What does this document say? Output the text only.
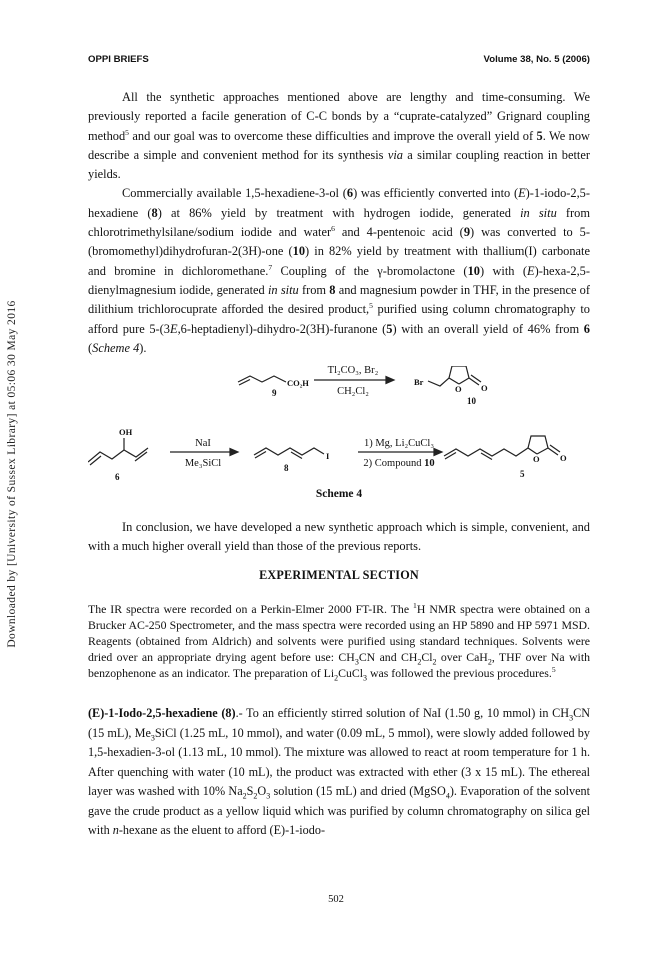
Downloaded by [University of Sussex Library] at 05:06 30 May 2016
OPPI BRIEFS	Volume 38, No. 5 (2006)

All the synthetic approaches mentioned above are lengthy and time-consuming. We previously reported a facile generation of C-C bonds by a “cuprate-catalyzed” Grignard coupling method$^5$ and our goal was to overcome these difficulties and improve the overall yield of 5. We now describe a simple and convenient method for its synthesis via a similar coupling reaction in better yields.

Commercially available 1,5-hexadiene-3-ol (6) was efficiently converted into (E)-1-iodo-2,5-hexadiene (8) at 86% yield by treatment with hydrogen iodide, generated in situ from chlorotrimethylsilane/sodium iodide and water$^6$ and 4-pentenoic acid (9) was converted to 5-(bromomethyl)dihydrofuran-2(3H)-one (10) in 82% yield by treatment with thallium(I) carbonate and bromine in dichloromethane.$^7$ Coupling of the γ-bromolactone (10) with (E)-hexa-2,5-dienylmagnesium iodide, generated in situ from 8 and magnesium powder in THF, in the presence of dilithium trichlorocuprate afforded the desired product,$^5$ purified using column chromatography to afford pure 5-(3E,6-heptadienyl)-dihydro-2(3H)-furanone (5) with an overall yield of 46% from 6 (Scheme 4).

9
CO₂H
Tl₂CO₃, Br₂
CH₂Cl₂
Br
O O
10
OH
6
NaI
Me₃SiCl
I
8
1) Mg, Li₂CuCl₃
2) Compound 10	O O
5
Scheme 4

In conclusion, we have developed a new synthetic approach which is simple, convenient, and with a much higher overall yield than those of the previous reports.

EXPERIMENTAL SECTION
The IR spectra were recorded on a Perkin-Elmer 2000 FT-IR. The $^1$H NMR spectra were obtained on a Brucker AC-250 Spectrometer, and the mass spectra were recorded using an HP 5890 and HP 5971 MSD. Reagents (obtained from Aldrich) and solvents were purified using standard techniques. Solvents were dried over an appropriate drying agent before use: $CH_3CN$ and $CH_2Cl_2$ over CaH$_2$, THF over Na with benzophenone as an indicator. The preparation of $Li_2CuCl_3$ was followed the previous procedures.$^5$
(E)-1-Iodo-2,5-hexadiene (8).- To an efficiently stirred solution of NaI (1.50 g, 10 mmol) in $CH_3CN$ (15 mL), $Me_3SiCl$ (1.25 mL, 10 mmol), and water (0.09 mL, 5 mmol), were slowly added followed by 1,5-hexadien-3-ol (1.13 mL, 10 mmol). The mixture was allowed to react at room temperature for 1 h. After quenching with water (10 mL), the product was extracted with ether (3 x 15 mL). The ethereal layer was washed with 10% $Na_2S_2O_3$ solution (15 mL) and dried (MgSO$_4$). Evaporation of the solvent gave the crude product as a yellow liquid which was purified by column chromatography on silica gel with n-hexane as the eluent to afford (E)-1-iodo-
502
